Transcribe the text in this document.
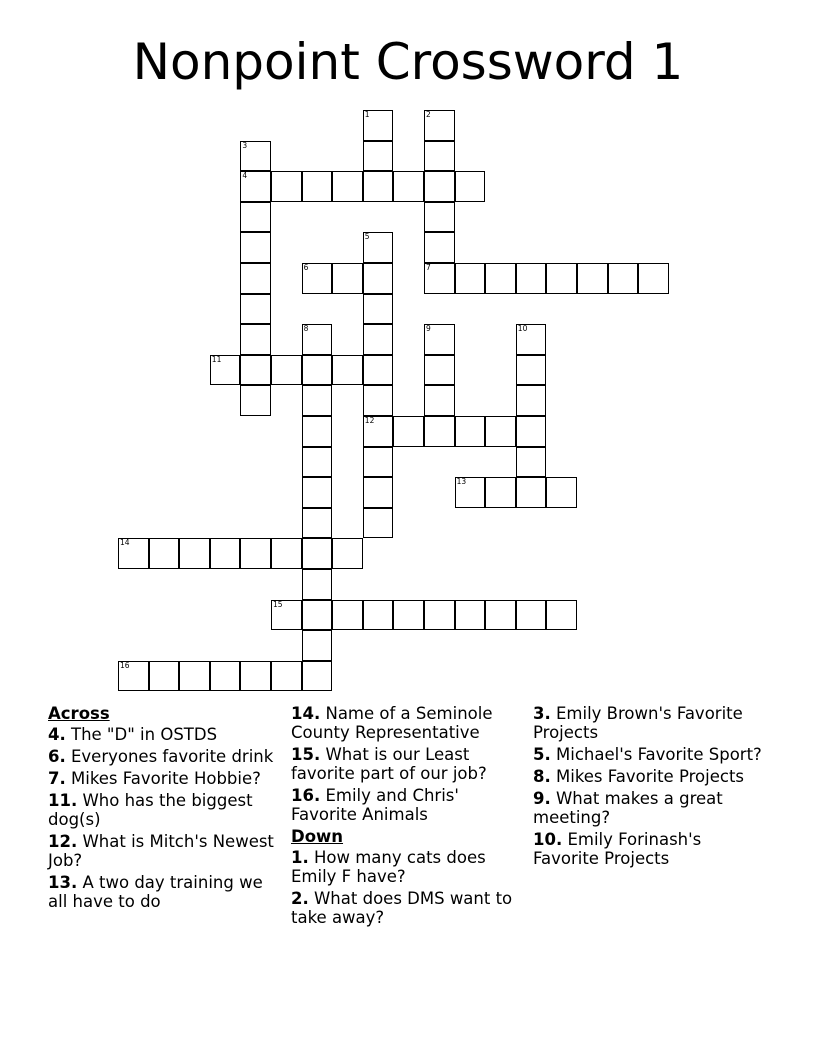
Nonpoint Crossword 1
1	2
3
4
5
6	7
8	9	10
11
12
13
14
15
16
Across
4. The "D" in OSTDS
6. Everyones favorite drink
7. Mikes Favorite Hobbie?
11. Who has the biggest dog(s)
12. What is Mitch's Newest Job?
13. A two day training we all have to do
14. Name of a Seminole County Representative
15. What is our Least favorite part of our job?
16. Emily and Chris' Favorite Animals
Down
1. How many cats does Emily F have?
2. What does DMS want to take away?
3. Emily Brown's Favorite Projects
5. Michael's Favorite Sport?
8. Mikes Favorite Projects
9. What makes a great meeting?
10. Emily Forinash's Favorite Projects
